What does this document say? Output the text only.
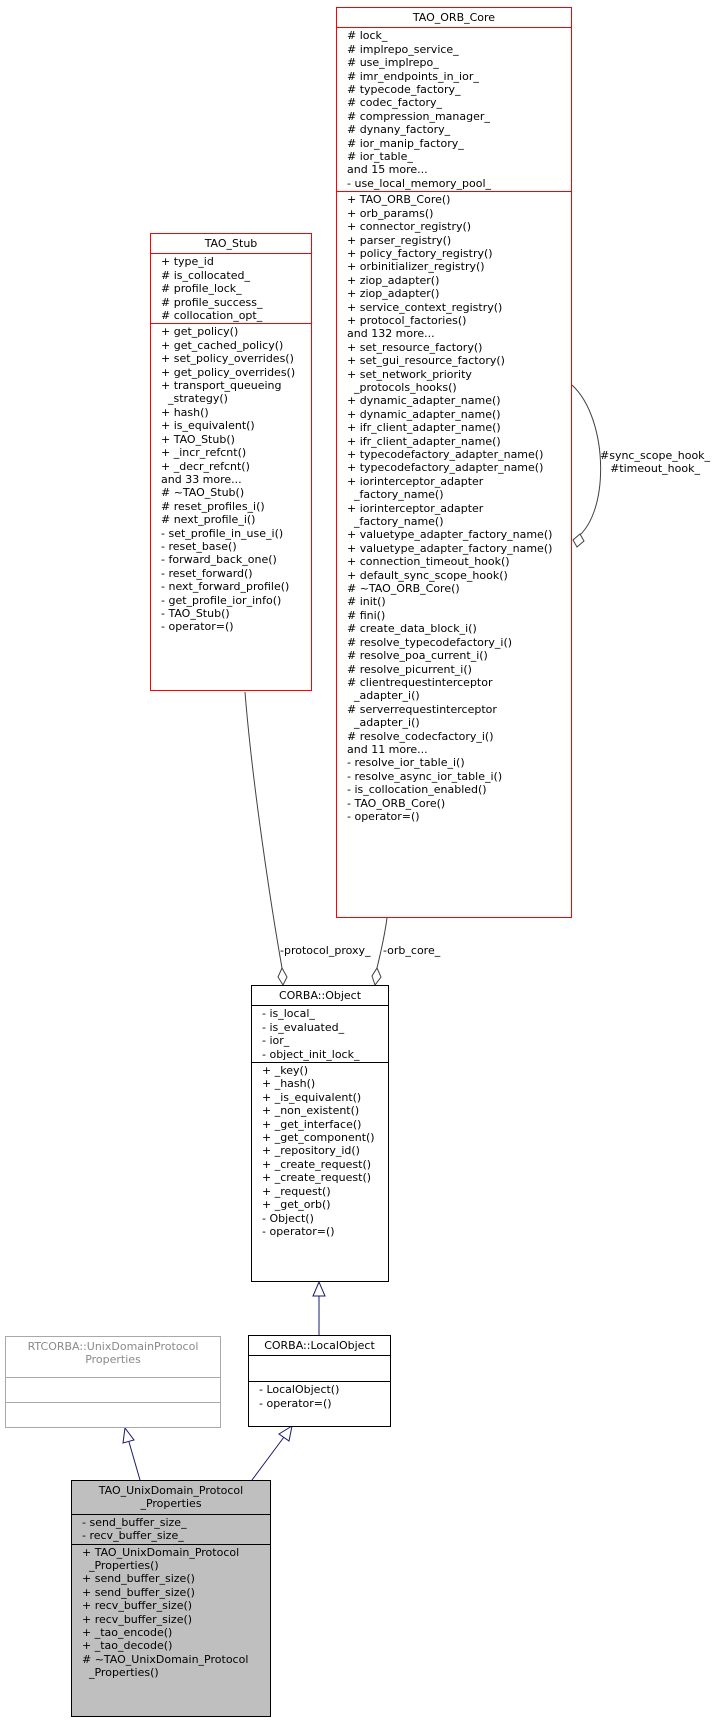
TAO_ORB_Core
# lock_
# implrepo_service_
# use_implrepo_
# imr_endpoints_in_ior_
# typecode_factory_
# codec_factory_
# compression_manager_
# dynany_factory_
# ior_manip_factory_
# ior_table_
and 15 more...
- use_local_memory_pool_
+ TAO_ORB_Core()
+ orb_params()
+ connector_registry()
+ parser_registry()
+ policy_factory_registry()
+ orbinitializer_registry()
+ ziop_adapter()
+ ziop_adapter()
+ service_context_registry()
+ protocol_factories()
and 132 more...
+ set_resource_factory()
+ set_gui_resource_factory()
+ set_network_priority
_protocols_hooks()
+ dynamic_adapter_name()
+ dynamic_adapter_name()
+ ifr_client_adapter_name()
+ ifr_client_adapter_name()
+ typecodefactory_adapter_name()
+ typecodefactory_adapter_name()
+ iorinterceptor_adapter
_factory_name()
+ iorinterceptor_adapter
_factory_name()
+ valuetype_adapter_factory_name()
+ valuetype_adapter_factory_name()
+ connection_timeout_hook()
+ default_sync_scope_hook()
# ~TAO_ORB_Core()
# init()
# fini()
# create_data_block_i()
# resolve_typecodefactory_i()
# resolve_poa_current_i()
# resolve_picurrent_i()
# clientrequestinterceptor
_adapter_i()
# serverrequestinterceptor
_adapter_i()
# resolve_codecfactory_i()
and 11 more...
- resolve_ior_table_i()
- resolve_async_ior_table_i()
- is_collocation_enabled()
- TAO_ORB_Core()
- operator=()
TAO_Stub
+ type_id
# is_collocated_
# profile_lock_
# profile_success_
# collocation_opt_
+ get_policy()
+ get_cached_policy()
+ set_policy_overrides()
+ get_policy_overrides()
+ transport_queueing
_strategy()
+ hash()
+ is_equivalent()
+ TAO_Stub()
+ _incr_refcnt()
+ _decr_refcnt()
and 33 more...
# ~TAO_Stub()
# reset_profiles_i()
# next_profile_i()
- set_profile_in_use_i()
- reset_base()
- forward_back_one()
- reset_forward()
- next_forward_profile()
- get_profile_ior_info()
- TAO_Stub()
- operator=()
CORBA::Object
- is_local_
- is_evaluated_
- ior_
- object_init_lock_
+ _key()
+ _hash()
+ _is_equivalent()
+ _non_existent()
+ _get_interface()
+ _get_component()
+ _repository_id()
+ _create_request()
+ _create_request()
+ _request()
+ _get_orb()
- Object()
- operator=()
RTCORBA::UnixDomainProtocol
Properties
CORBA::LocalObject
- LocalObject()
- operator=()
TAO_UnixDomain_Protocol
_Properties
- send_buffer_size_
- recv_buffer_size_
+ TAO_UnixDomain_Protocol
_Properties()
+ send_buffer_size()
+ send_buffer_size()
+ recv_buffer_size()
+ recv_buffer_size()
+ _tao_encode()
+ _tao_decode()
# ~TAO_UnixDomain_Protocol
_Properties()
-protocol_proxy_ -orb_core_
#sync_scope_hook_
#timeout_hook_
